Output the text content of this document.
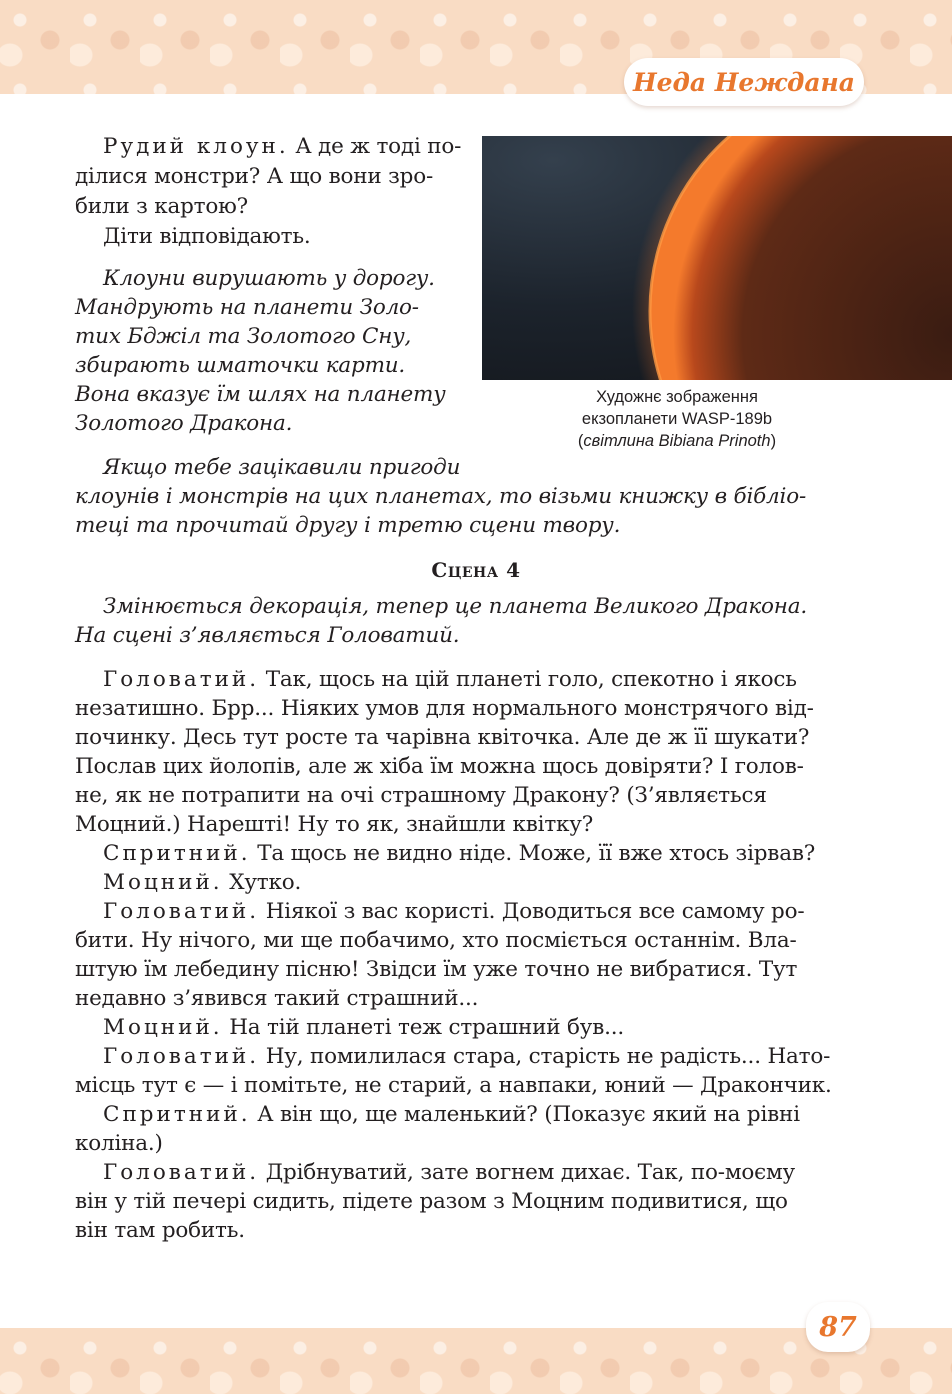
Неда Неждана
Художнє зображення
екзопланети WASP-189b
(світлина Bibiana Prinoth)
Сцена 4
Рудий клоун. А де ж тоді по-
ділися монстри? А що вони зро-
били з картою?
Діти відповідають.
Клоуни вирушають у дорогу.
Мандрують на планети Золо-
тих Бджіл та Золотого Сну,
збирають шматочки карти.
Вона вказує їм шлях на планету
Золотого Дракона.
Якщо тебе зацікавили пригоди
клоунів і монстрів на цих планетах, то візьми книжку в бібліо-
теці та прочитай другу і третю сцени твору.
Змінюється декорація, тепер це планета Великого Дракона.
На сцені з’являється Головатий.
Головатий. Так, щось на цій планеті голо, спекотно і якось
незатишно. Брр... Ніяких умов для нормального монстрячого від-
починку. Десь тут росте та чарівна квіточка. Але де ж її шукати?
Послав цих йолопів, але ж хіба їм можна щось довіряти? І голов-
не, як не потрапити на очі страшному Дракону? (З’являється
Моцний.) Нарешті! Ну то як, знайшли квітку?
Спритний. Та щось не видно ніде. Може, її вже хтось зірвав?
Моцний. Хутко.
Головатий. Ніякої з вас користі. Доводиться все самому ро-
бити. Ну нічого, ми ще побачимо, хто посміється останнім. Вла-
штую їм лебедину пісню! Звідси їм уже точно не вибратися. Тут
недавно з’явився такий страшний...
Моцний. На тій планеті теж страшний був...
Головатий. Ну, помилилася стара, старість не радість... Нато-
місць тут є — і помітьте, не старий, а навпаки, юний — Дракончик.
Спритний. А він що, ще маленький? (Показує який на рівні
коліна.)
Головатий. Дрібнуватий, зате вогнем дихає. Так, по-моєму
він у тій печері сидить, підете разом з Моцним подивитися, що
він там робить.
87
